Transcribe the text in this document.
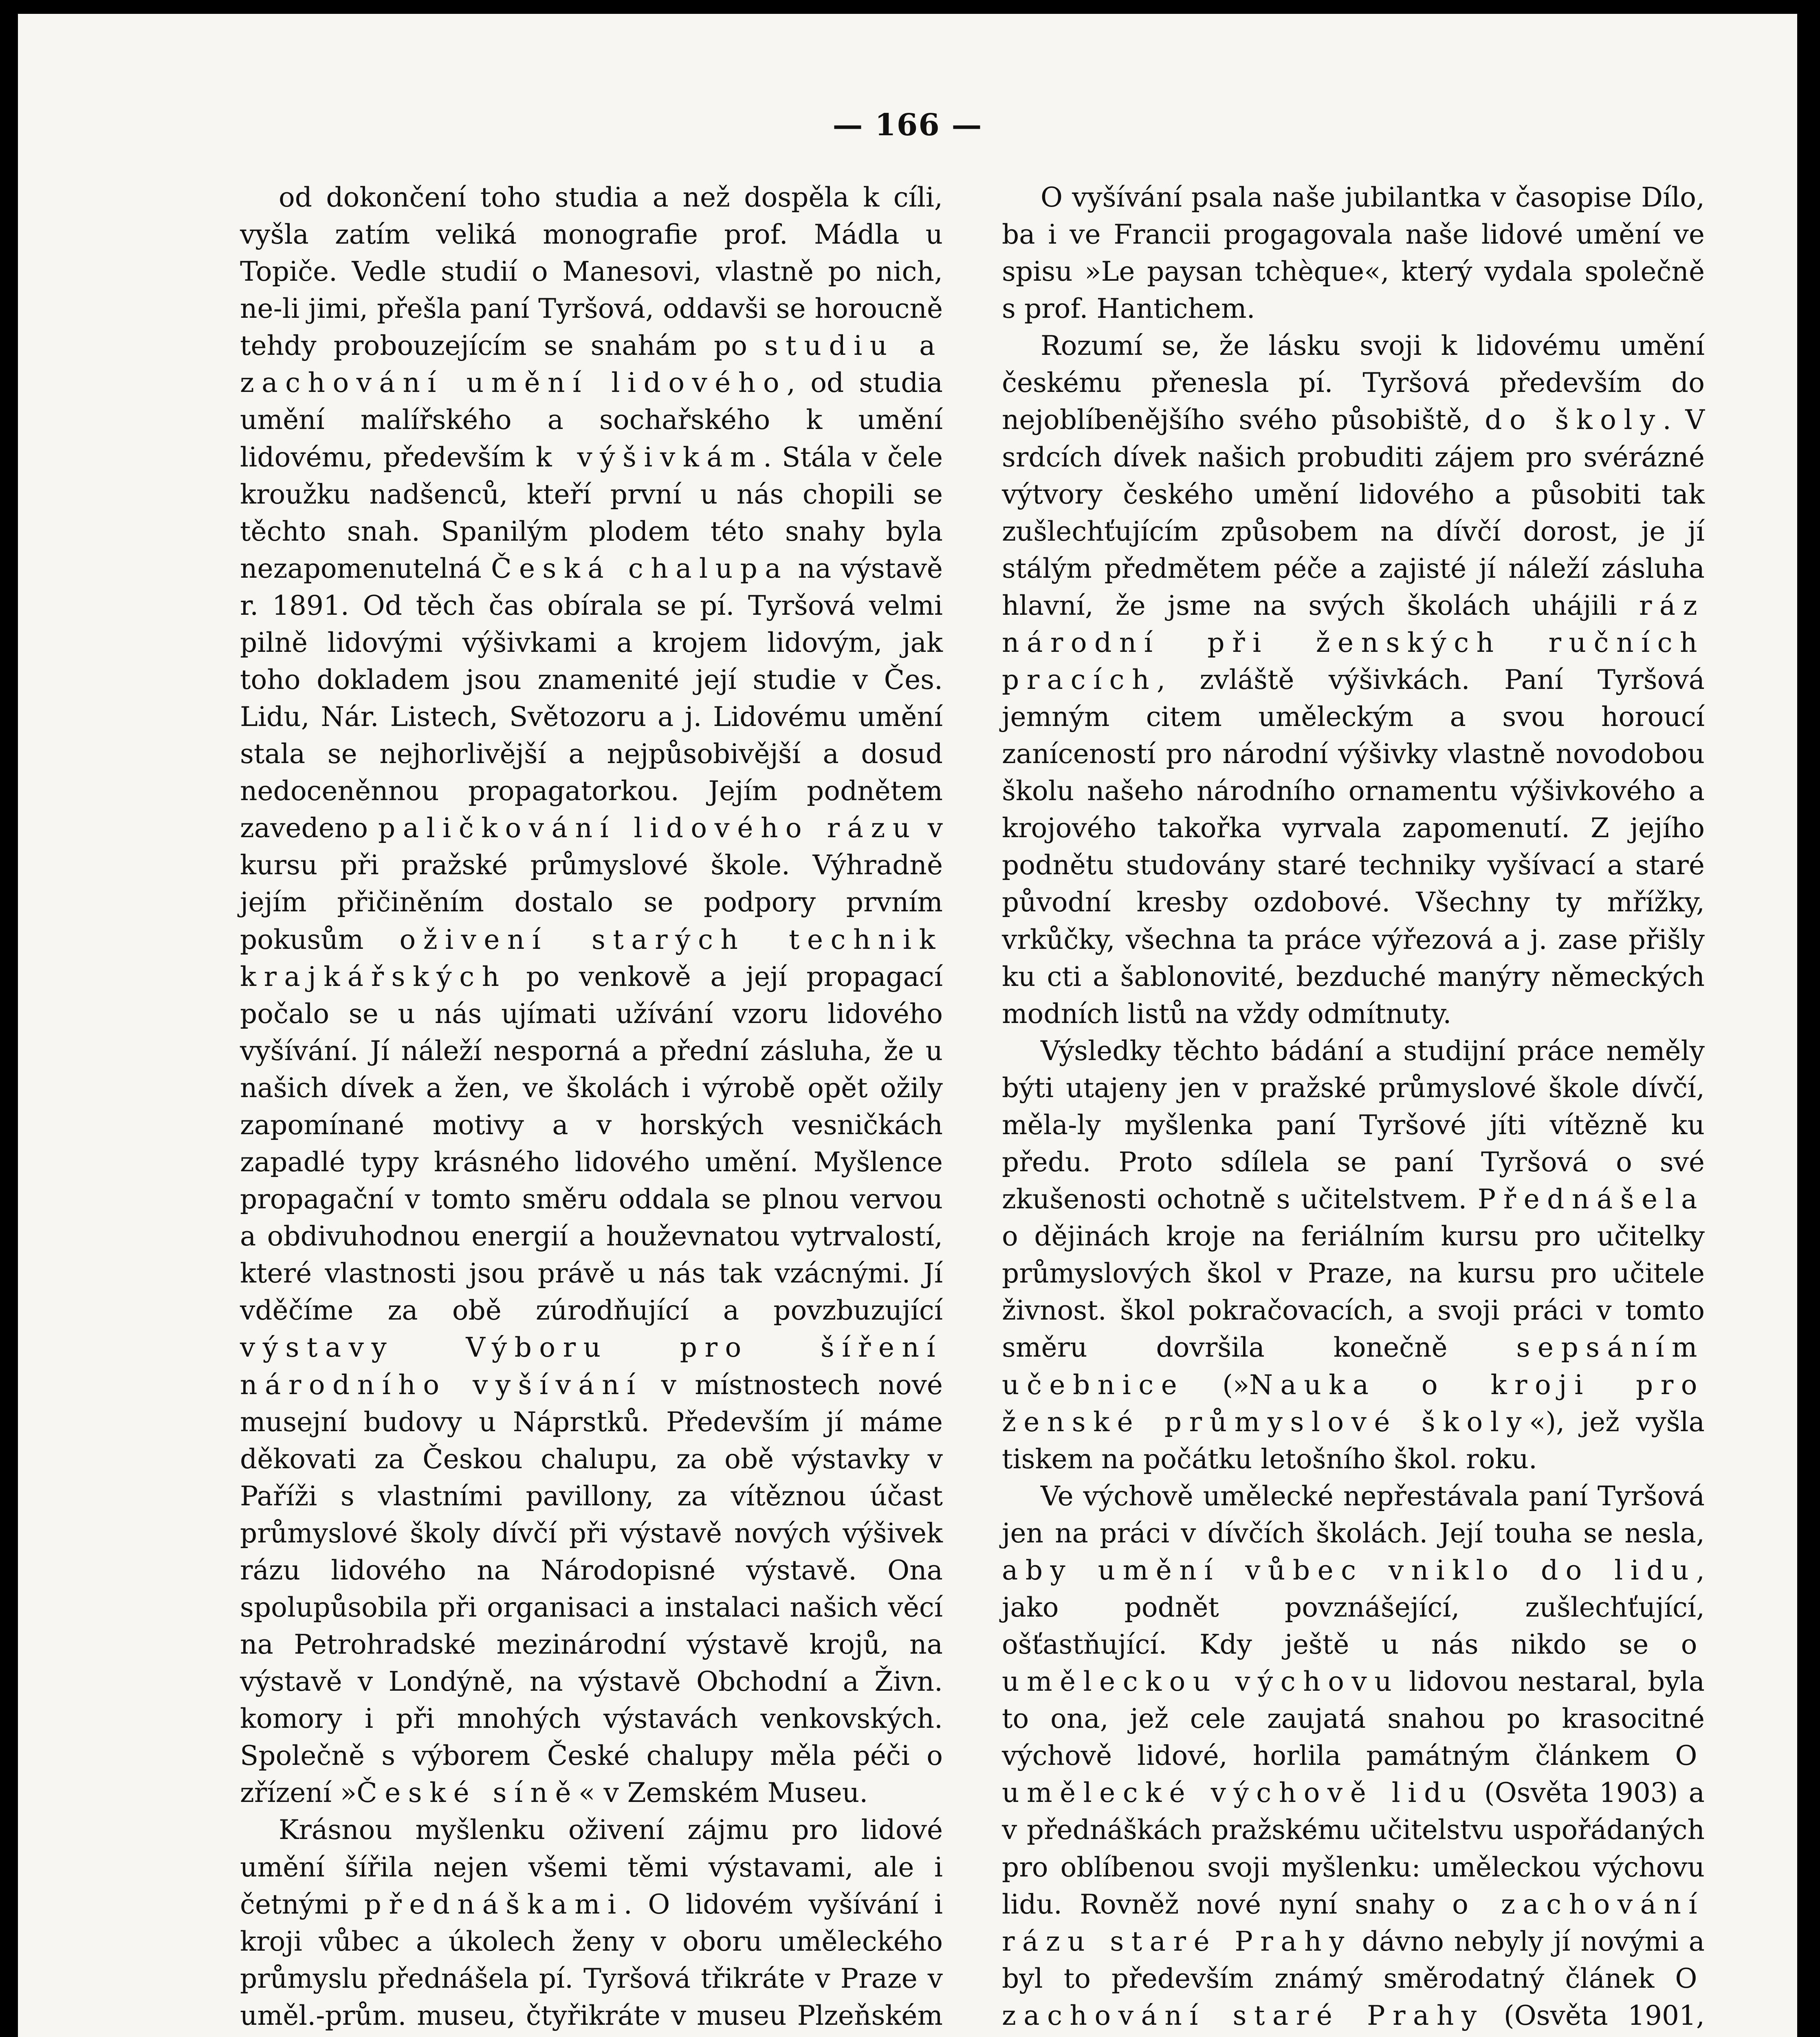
— 166 —

od dokončení toho studia a než dospěla k cíli, vyšla zatím veliká monografie prof. Mádla u Topiče. Vedle studií o Manesovi, vlastně po nich, ne-li jimi, přešla paní Tyršová, oddavši se horoucně tehdy probouzejícím se snahám po studiu a zachování umění lidového, od studia umění malířského a sochařského k umění lidovému, především k výšivkám. Stála v čele kroužku nadšenců, kteří první u nás chopili se těchto snah. Spanilým plodem této snahy byla nezapomenutelná Česká chalupa na výstavě r. 1891. Od těch čas obírala se pí. Tyršová velmi pilně lidovými výšivkami a krojem lidovým, jak toho dokladem jsou znamenité její studie v Čes. Lidu, Nár. Listech, Světozoru a j. Lidovému umění stala se nejhorlivější a nejpůsobivější a dosud nedoceněnnou propagatorkou. Jejím podnětem zavedeno paličkování lidového rázu v kursu při pražské průmyslové škole. Výhradně jejím přičiněním dostalo se podpory prvním pokusům oživení starých technik krajkářských po venkově a její propagací počalo se u nás ujímati užívání vzoru lidového vyšívání. Jí náleží nesporná a přední zásluha, že u našich dívek a žen, ve školách i výrobě opět ožily zapomínané motivy a v horských vesničkách zapadlé typy krásného lidového umění. Myšlence propagační v tomto směru oddala se plnou vervou a obdivuhodnou energií a houževnatou vytrvalostí, které vlastnosti jsou právě u nás tak vzácnými. Jí vděčíme za obě zúrodňující a povzbuzující výstavy Výboru pro šíření národního vyšívání v místnostech nové musejní budovy u Náprstků. Především jí máme děkovati za Českou chalupu, za obě výstavky v Paříži s vlastními pavillony, za vítěznou účast průmyslové školy dívčí při výstavě nových výšivek rázu lidového na Národopisné výstavě. Ona spolupůsobila při organisaci a instalaci našich věcí na Petrohradské mezinárodní výstavě krojů, na výstavě v Londýně, na výstavě Obchodní a Živn. komory i při mnohých výstavách venkovských. Společně s výborem České chalupy měla péči o zřízení »České síně« v Zemském Museu.

Krásnou myšlenku oživení zájmu pro lidové umění šířila nejen všemi těmi výstavami, ale i četnými přednáškami. O lidovém vyšívání i kroji vůbec a úkolech ženy v oboru uměleckého průmyslu přednášela pí. Tyršová třikráte v Praze v uměl.-prům. museu, čtyřikráte v museu Plzeňském

O vyšívání psala naše jubilantka v časopise Dílo, ba i ve Francii progagovala naše lidové umění ve spisu »Le paysan tchèque«, který vydala společně s prof. Hantichem.

Rozumí se, že lásku svoji k lidovému umění českému přenesla pí. Tyršová především do nejoblíbenějšího svého působiště, do školy. V srdcích dívek našich probuditi zájem pro svérázné výtvory českého umění lidového a působiti tak zušlechťujícím způsobem na dívčí dorost, je jí stálým předmětem péče a zajisté jí náleží zásluha hlavní, že jsme na svých školách uhájili ráz národní při ženských ručních pracích, zvláště výšivkách. Paní Tyršová jemným citem uměleckým a svou horoucí zaníceností pro národní výšivky vlastně novodobou školu našeho národního ornamentu výšivkového a krojového takořka vyrvala zapomenutí. Z jejího podnětu studovány staré techniky vyšívací a staré původní kresby ozdobové. Všechny ty mřížky, vrkůčky, všechna ta práce výřezová a j. zase přišly ku cti a šablonovité, bezduché manýry německých modních listů na vždy odmítnuty.

Výsledky těchto bádání a studijní práce neměly býti utajeny jen v pražské průmyslové škole dívčí, měla-ly myšlenka paní Tyršové jíti vítězně ku předu. Proto sdílela se paní Tyršová o své zkušenosti ochotně s učitelstvem. Přednášela o dějinách kroje na feriálním kursu pro učitelky průmyslových škol v Praze, na kursu pro učitele živnost. škol pokračovacích, a svoji práci v tomto směru dovršila konečně sepsáním učebnice (»Nauka o kroji pro ženské průmyslové školy«), jež vyšla tiskem na počátku letošního škol. roku.

Ve výchově umělecké nepřestávala paní Tyršová jen na práci v dívčích školách. Její touha se nesla, aby umění vůbec vniklo do lidu, jako podnět povznášející, zušlechťující, ošťastňující. Kdy ještě u nás nikdo se o uměleckou výchovu lidovou nestaral, byla to ona, jež cele zaujatá snahou po krasocitné výchově lidové, horlila památným článkem O umělecké výchově lidu (Osvěta 1903) a v přednáškách pražskému učitelstvu uspořádaných pro oblíbenou svoji myšlenku: uměleckou výchovu lidu. Rovněž nové nyní snahy o zachování rázu staré Prahy dávno nebyly jí novými a byl to především známý směrodatný článek O zachování staré Prahy (Osvěta 1901,
